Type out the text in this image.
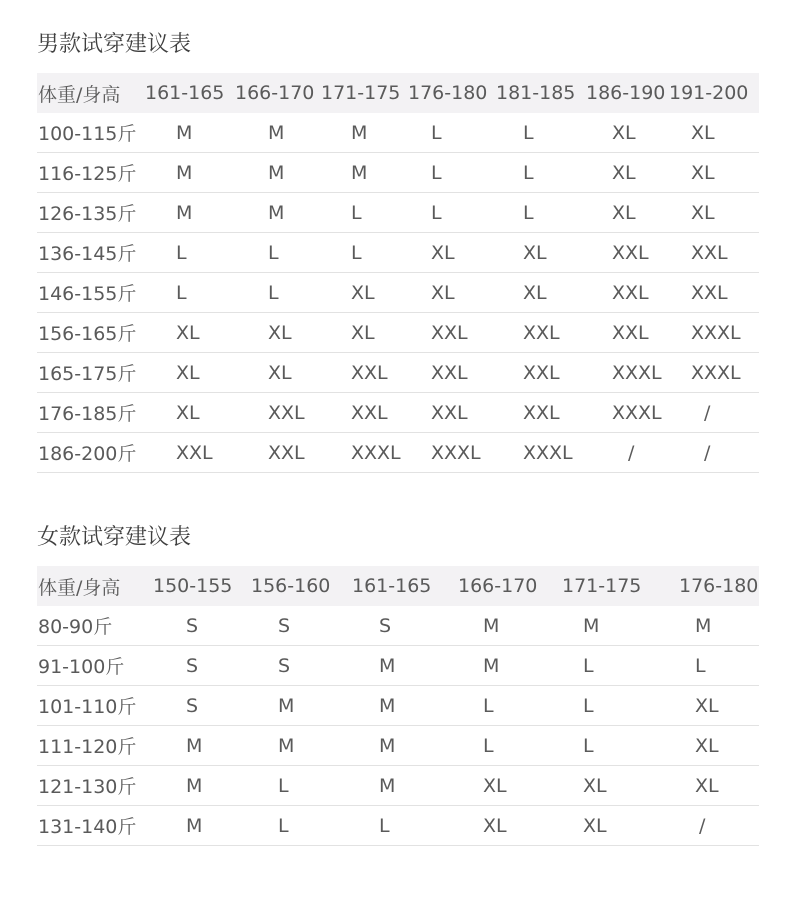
男款试穿建议表
体重/身高	161-165	166-170	171-175	176-180	181-185	186-190	191-200
100-115斤	M	M	M	L	L	XL	XL
116-125斤	M	M	M	L	L	XL	XL
126-135斤	M	M	L	L	L	XL	XL
136-145斤	L	L	L	XL	XL	XXL	XXL
146-155斤	L	L	XL	XL	XL	XXL	XXL
156-165斤	XL	XL	XL	XXL	XXL	XXL	XXXL
165-175斤	XL	XL	XXL	XXL	XXL	XXXL	XXXL
176-185斤	XL	XXL	XXL	XXL	XXL	XXXL	/
186-200斤	XXL	XXL	XXXL	XXXL	XXXL	/	/
女款试穿建议表
体重/身高	150-155	156-160	161-165	166-170	171-175	176-180
80-90斤	S	S	S	M	M	M
91-100斤	S	S	M	M	L	L
101-110斤	S	M	M	L	L	XL
111-120斤	M	M	M	L	L	XL
121-130斤	M	L	M	XL	XL	XL
131-140斤	M	L	L	XL	XL	/
